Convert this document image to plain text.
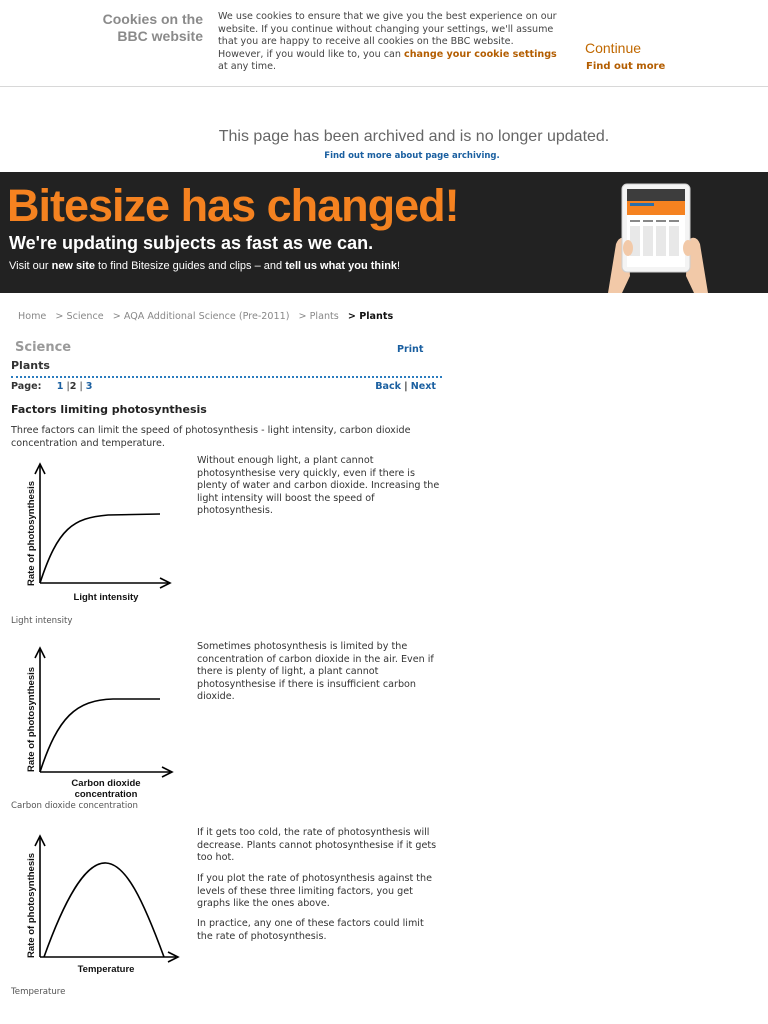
Cookies on the BBC website
We use cookies to ensure that we give you the best experience on our website. If you continue without changing your settings, we'll assume that you are happy to receive all cookies on the BBC website. However, if you would like to, you can change your cookie settings at any time.
Continue
Find out more
This page has been archived and is no longer updated.
Find out more about page archiving.
Bitesize has changed!
We're updating subjects as fast as we can.
Visit our new site to find Bitesize guides and clips – and tell us what you think!
Home > Science > AQA Additional Science (Pre-2011) > Plants > Plants
Science	Print
Plants
Page: 1 |2 | 3	Back | Next
Factors limiting photosynthesis
Three factors can limit the speed of photosynthesis - light intensity, carbon dioxide concentration and temperature.
Rate of photosynthesis
Light intensity
Without enough light, a plant cannot photosynthesise very quickly, even if there is plenty of water and carbon dioxide. Increasing the light intensity will boost the speed of photosynthesis.
Light intensity
Rate of photosynthesis
Carbon dioxide
concentration
Sometimes photosynthesis is limited by the concentration of carbon dioxide in the air. Even if there is plenty of light, a plant cannot photosynthesise if there is insufficient carbon dioxide.
Carbon dioxide concentration
Rate of photosynthesis
Temperature
If it gets too cold, the rate of photosynthesis will decrease. Plants cannot photosynthesise if it gets too hot.
If you plot the rate of photosynthesis against the levels of these three limiting factors, you get graphs like the ones above.
In practice, any one of these factors could limit the rate of photosynthesis.
Temperature
